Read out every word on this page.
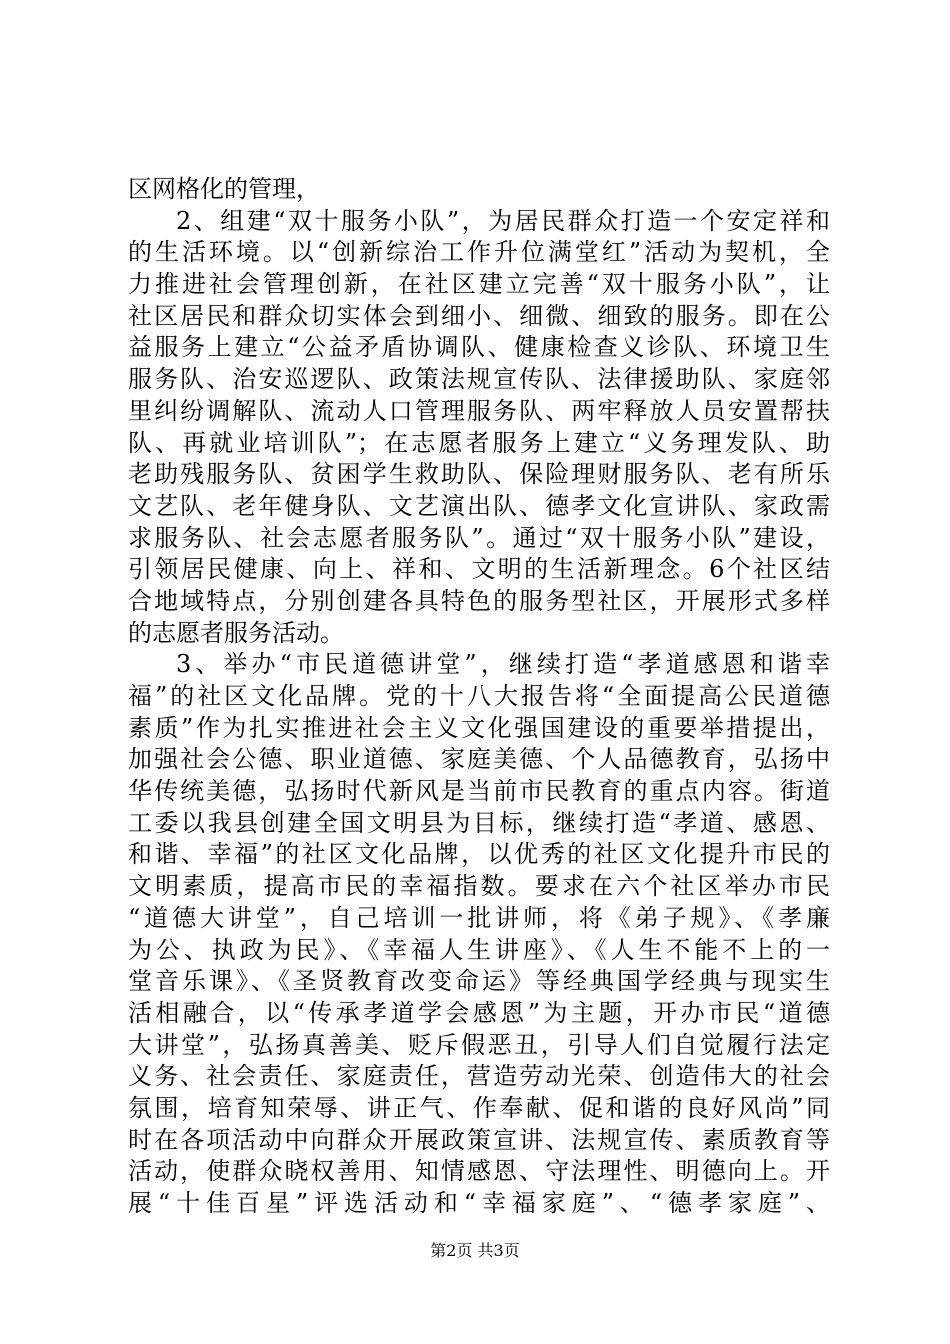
区网格化的管理，
2、组建“双十服务小队”，为居民群众打造一个安定祥和
的生活环境。以“创新综治工作升位满堂红”活动为契机，全
力推进社会管理创新，在社区建立完善“双十服务小队”，让
社区居民和群众切实体会到细小、细微、细致的服务。即在公
益服务上建立“公益矛盾协调队、健康检查义诊队、环境卫生
服务队、治安巡逻队、政策法规宣传队、法律援助队、家庭邻
里纠纷调解队、流动人口管理服务队、两牢释放人员安置帮扶
队、再就业培训队”；在志愿者服务上建立“义务理发队、助
老助残服务队、贫困学生救助队、保险理财服务队、老有所乐
文艺队、老年健身队、文艺演出队、德孝文化宣讲队、家政需
求服务队、社会志愿者服务队”。通过“双十服务小队”建设，
引领居民健康、向上、祥和、文明的生活新理念。6个社区结
合地域特点，分别创建各具特色的服务型社区，开展形式多样
的志愿者服务活动。
3、举办“市民道德讲堂”，继续打造“孝道感恩和谐幸
福”的社区文化品牌。党的十八大报告将“全面提高公民道德
素质”作为扎实推进社会主义文化强国建设的重要举措提出，
加强社会公德、职业道德、家庭美德、个人品德教育，弘扬中
华传统美德，弘扬时代新风是当前市民教育的重点内容。街道
工委以我县创建全国文明县为目标，继续打造“孝道、感恩、
和谐、幸福”的社区文化品牌，以优秀的社区文化提升市民的
文明素质，提高市民的幸福指数。要求在六个社区举办市民
“道德大讲堂”，自己培训一批讲师，将《弟子规》、《孝廉
为公、执政为民》、《幸福人生讲座》、《人生不能不上的一
堂音乐课》、《圣贤教育改变命运》等经典国学经典与现实生
活相融合，以“传承孝道学会感恩”为主题，开办市民“道德
大讲堂”，弘扬真善美、贬斥假恶丑，引导人们自觉履行法定
义务、社会责任、家庭责任，营造劳动光荣、创造伟大的社会
氛围，培育知荣辱、讲正气、作奉献、促和谐的良好风尚”同
时在各项活动中向群众开展政策宣讲、法规宣传、素质教育等
活动，使群众晓权善用、知情感恩、守法理性、明德向上。开
展“十佳百星”评选活动和“幸福家庭”、“德孝家庭”、
第2页 共3页
